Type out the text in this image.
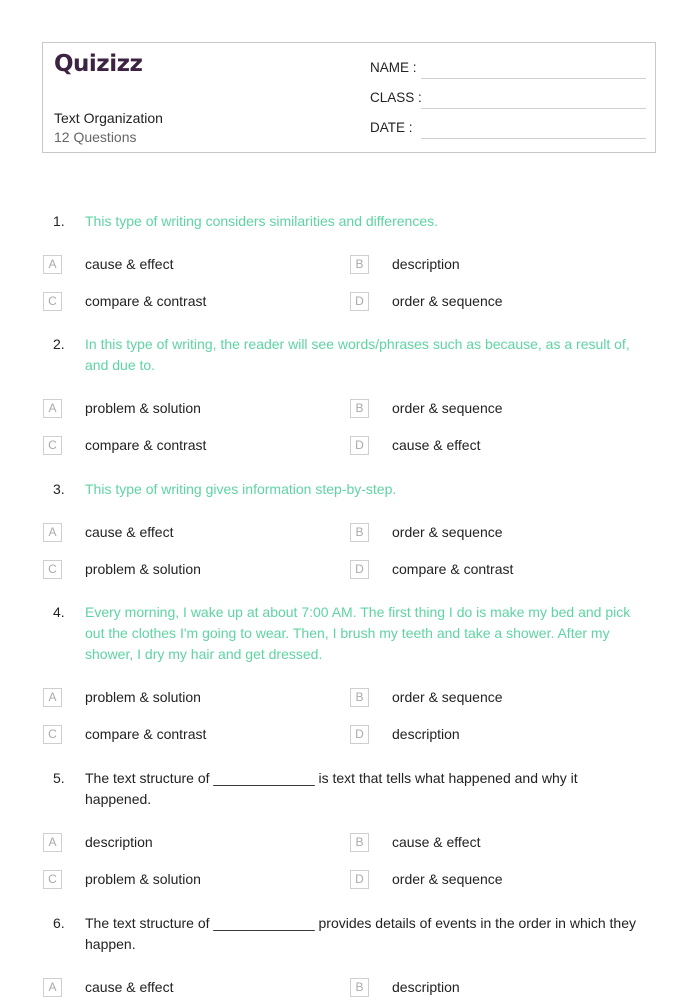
Quizizz
Text Organization
12 Questions
NAME :
CLASS :
DATE :
1. This type of writing considers similarities and differences.
A	cause & effect	B	description
C	compare & contrast	D	order & sequence
2. In this type of writing, the reader will see words/phrases such as because, as a result of,
and due to.
A	problem & solution	B	order & sequence
C	compare & contrast	D	cause & effect
3. This type of writing gives information step-by-step.
A	cause & effect	B	order & sequence
C	problem & solution	D	compare & contrast
4. Every morning, I wake up at about 7:00 AM. The first thing I do is make my bed and pick
out the clothes I'm going to wear. Then, I brush my teeth and take a shower. After my
shower, I dry my hair and get dressed.
A	problem & solution	B	order & sequence
C	compare & contrast	D	description
5. The text structure of _____________ is text that tells what happened and why it
happened.
A	description	B	cause & effect
C	problem & solution	D	order & sequence
6. The text structure of _____________ provides details of events in the order in which they
happen.
A	cause & effect	B	description
